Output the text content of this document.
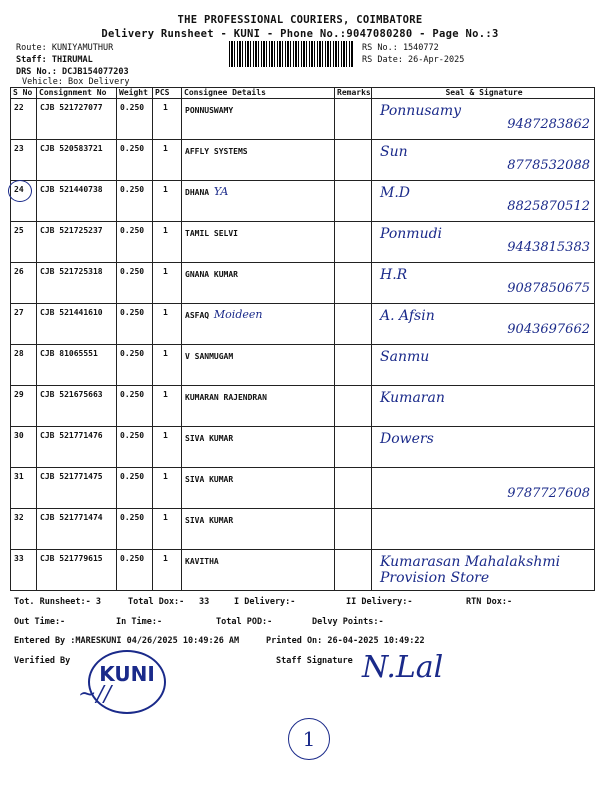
THE PROFESSIONAL COURIERS, COIMBATORE
Delivery Runsheet - KUNI - Phone No.:9047080280 - Page No.:3
Route: KUNIYAMUTHUR
Staff: THIRUMAL
DRS No.: DCJB154077203
Vehicle: Box Delivery
RS No.: 1540772
RS Date: 26-Apr-2025
S No	Consignment No	Weight	PCS	Consignee Details	Remarks	Seal & Signature

22	CJB 521727077	0.250	1	PONNUSWAMY		Ponnusamy
9487283862

23	CJB 520583721	0.250	1	AFFLY SYSTEMS		Sun
8778532088

24	CJB 521440738	0.250	1	DHANA YA		M.D
8825870512

25	CJB 521725237	0.250	1	TAMIL SELVI		Ponmudi
9443815383

26	CJB 521725318	0.250	1	GNANA KUMAR		H.R
9087850675

27	CJB 521441610	0.250	1	ASFAQ Moideen		A. Afsin
9043697662

28	CJB 81065551	0.250	1	V SANMUGAM		Sanmu

29	CJB 521675663	0.250	1	KUMARAN RAJENDRAN		Kumaran

30	CJB 521771476	0.250	1	SIVA KUMAR		Dowers

31	CJB 521771475	0.250	1	SIVA KUMAR		9787727608

32	CJB 521771474	0.250	1	SIVA KUMAR		

33	CJB 521779615	0.250	1	KAVITHA		Kumarasan Mahalakshmi Provision Store
Tot. Runsheet:- 3	Total Dox:- 33	I Delivery:-	II Delivery:-	RTN Dox:-
Out Time:-	In Time:-	Total POD:-	Delvy Points:-
Entered By :MARESKUNI 04/26/2025 10:49:26 AM	Printed On: 26-04-2025 10:49:22
Verified By	Staff Signature
KUNI
~∕∕
N.Lal
1
